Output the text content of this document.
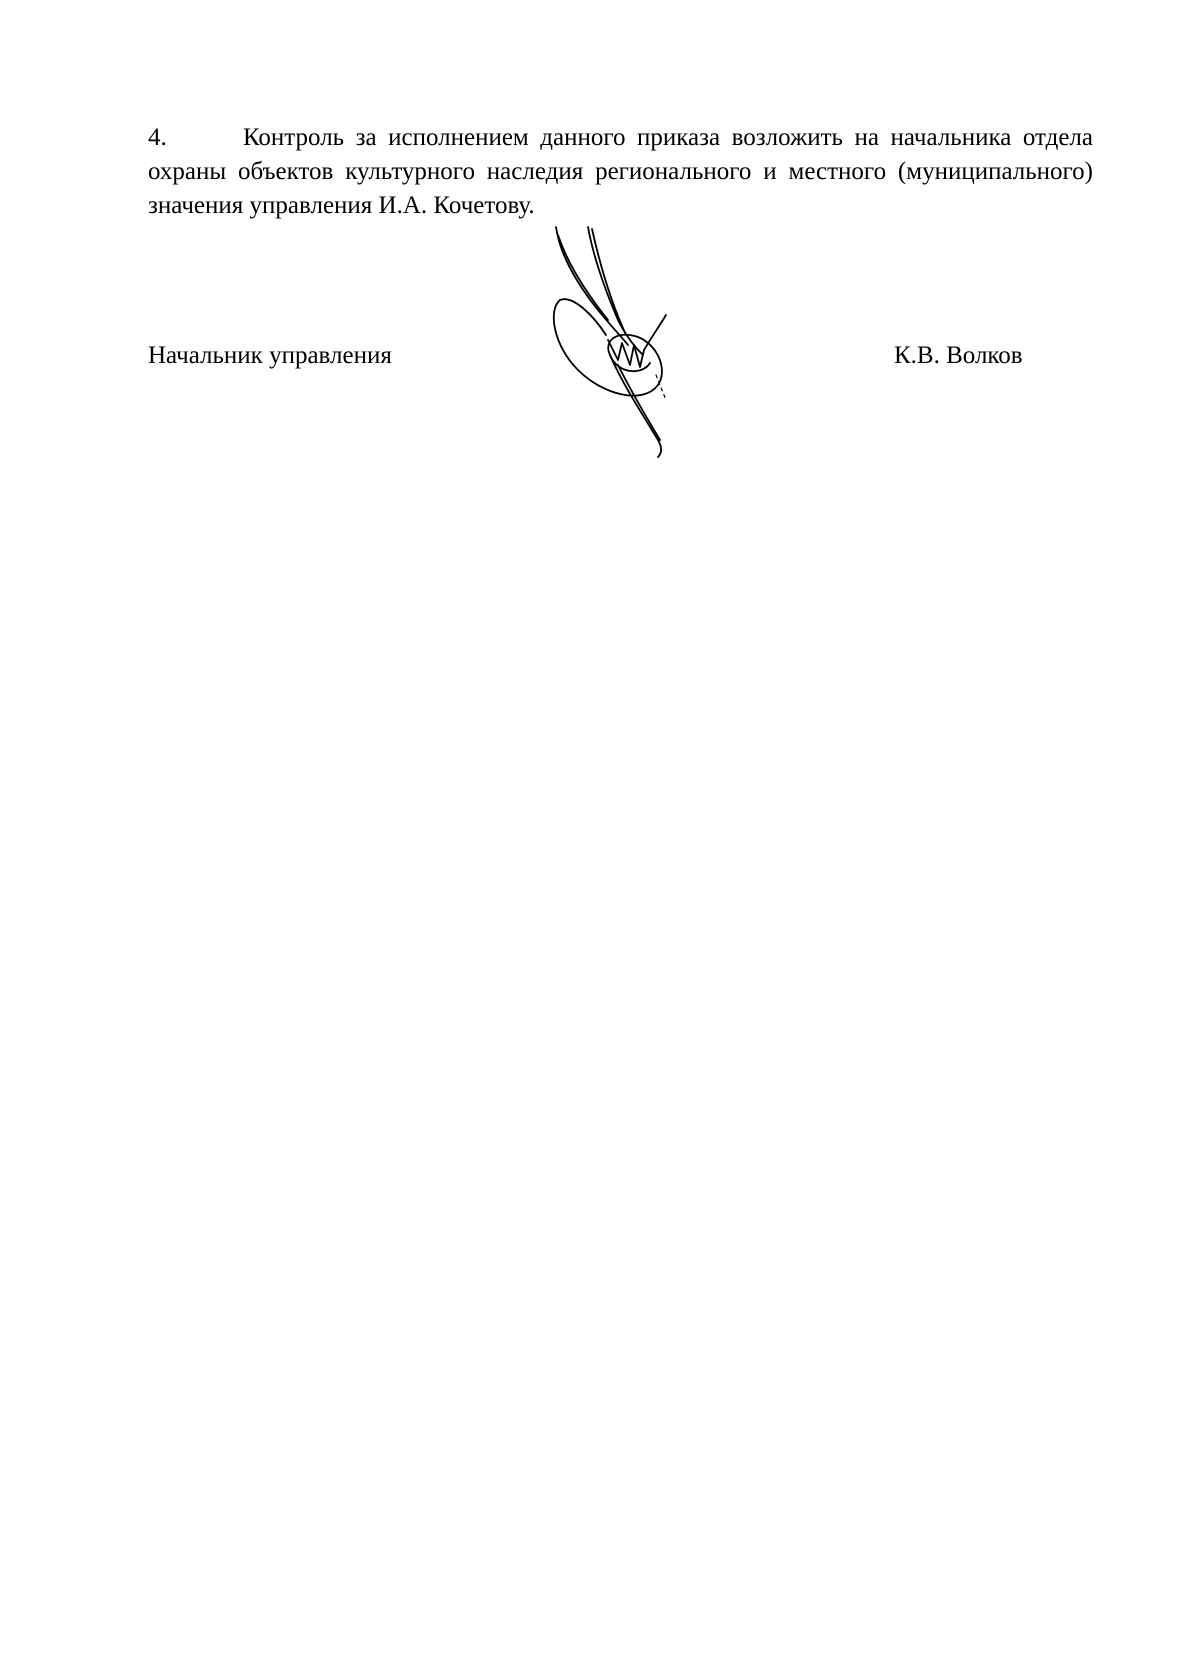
4.	Контроль за исполнением данного приказа возложить на начальника отдела охраны объектов культурного наследия регионального и местного (муниципального) значения управления И.А. Кочетову.

Начальник управления	К.В. Волков
